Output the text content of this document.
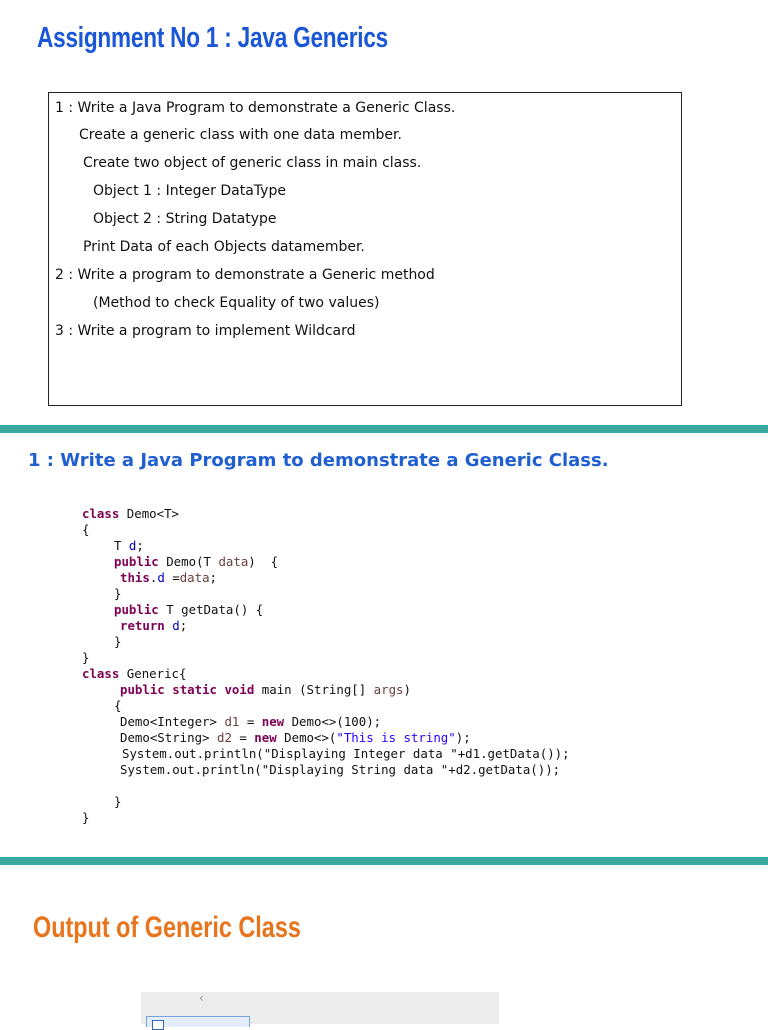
Assignment No 1 : Java Generics
1 : Write a Java Program to demonstrate a Generic Class.
Create a generic class with one data member.
Create two object of generic class in main class.
Object 1 : Integer DataType
Object 2 : String Datatype
Print Data of each Objects datamember.
2 : Write a program to demonstrate a Generic method
(Method to check Equality of two values)
3 : Write a program to implement Wildcard
1 : Write a Java Program to demonstrate a Generic Class.
class Demo<T>
{
T d;
public Demo(T data)  {
this.d =data;
}
public T getData() {
return d;
}
}
class Generic{
public static void main (String[] args)
{
Demo<Integer> d1 = new Demo<>(100);
Demo<String> d2 = new Demo<>("This is string");
System.out.println("Displaying Integer data "+d1.getData());
System.out.println("Displaying String data "+d2.getData());
}
}
Output of Generic Class
‹
